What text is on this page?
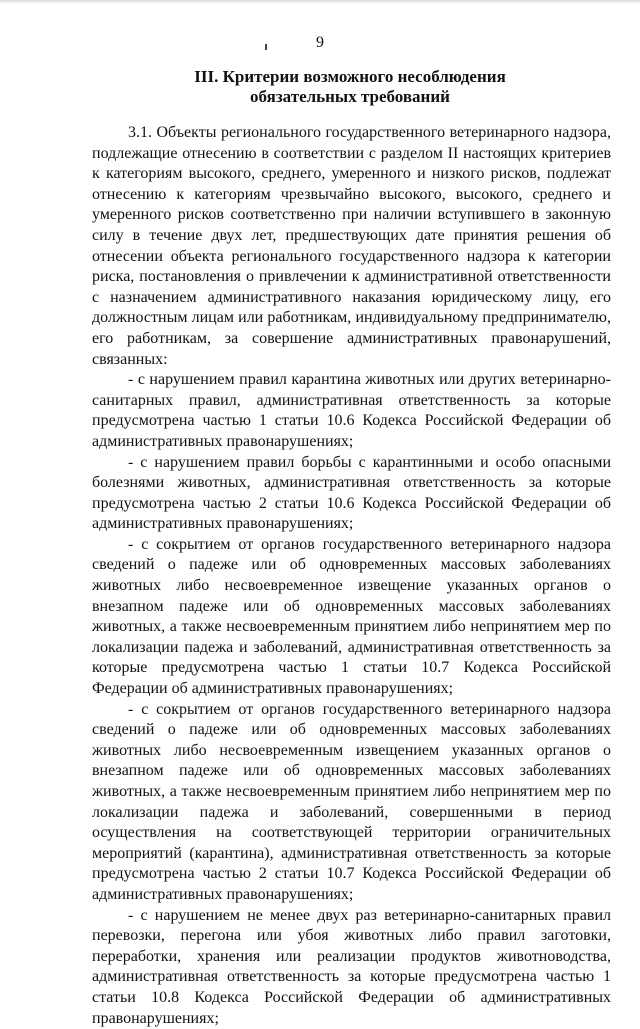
9
III. Критерии возможного несоблюдения
обязательных требований

3.1. Объекты регионального государственного ветеринарного надзора, подлежащие отнесению в соответствии с разделом II настоящих критериев к категориям высокого, среднего, умеренного и низкого рисков, подлежат отнесению к категориям чрезвычайно высокого, высокого, среднего и умеренного рисков соответственно при наличии вступившего в законную силу в течение двух лет, предшествующих дате принятия решения об отнесении объекта регионального государственного надзора к категории риска, постановления о привлечении к административной ответственности с назначением административного наказания юридическому лицу, его должностным лицам или работникам, индивидуальному предпринимателю, его работникам, за совершение административных правонарушений, связанных:

- с нарушением правил карантина животных или других ветеринарно-санитарных правил, административная ответственность за которые предусмотрена частью 1 статьи 10.6 Кодекса Российской Федерации об административных правонарушениях;

- с нарушением правил борьбы с карантинными и особо опасными болезнями животных, административная ответственность за которые предусмотрена частью 2 статьи 10.6 Кодекса Российской Федерации об административных правонарушениях;

- с сокрытием от органов государственного ветеринарного надзора сведений о падеже или об одновременных массовых заболеваниях животных либо несвоевременное извещение указанных органов о внезапном падеже или об одновременных массовых заболеваниях животных, а также несвоевременным принятием либо непринятием мер по локализации падежа и заболеваний, административная ответственность за которые предусмотрена частью 1 статьи 10.7 Кодекса Российской Федерации об административных правонарушениях;

- с сокрытием от органов государственного ветеринарного надзора сведений о падеже или об одновременных массовых заболеваниях животных либо несвоевременным извещением указанных органов о внезапном падеже или об одновременных массовых заболеваниях животных, а также несвоевременным принятием либо непринятием мер по локализации падежа и заболеваний, совершенными в период осуществления на соответствующей территории ограничительных мероприятий (карантина), административная ответственность за которые предусмотрена частью 2 статьи 10.7 Кодекса Российской Федерации об административных правонарушениях;

- с нарушением не менее двух раз ветеринарно-санитарных правил перевозки, перегона или убоя животных либо правил заготовки, переработки, хранения или реализации продуктов животноводства, административная ответственность за которые предусмотрена частью 1 статьи 10.8 Кодекса Российской Федерации об административных правонарушениях;
